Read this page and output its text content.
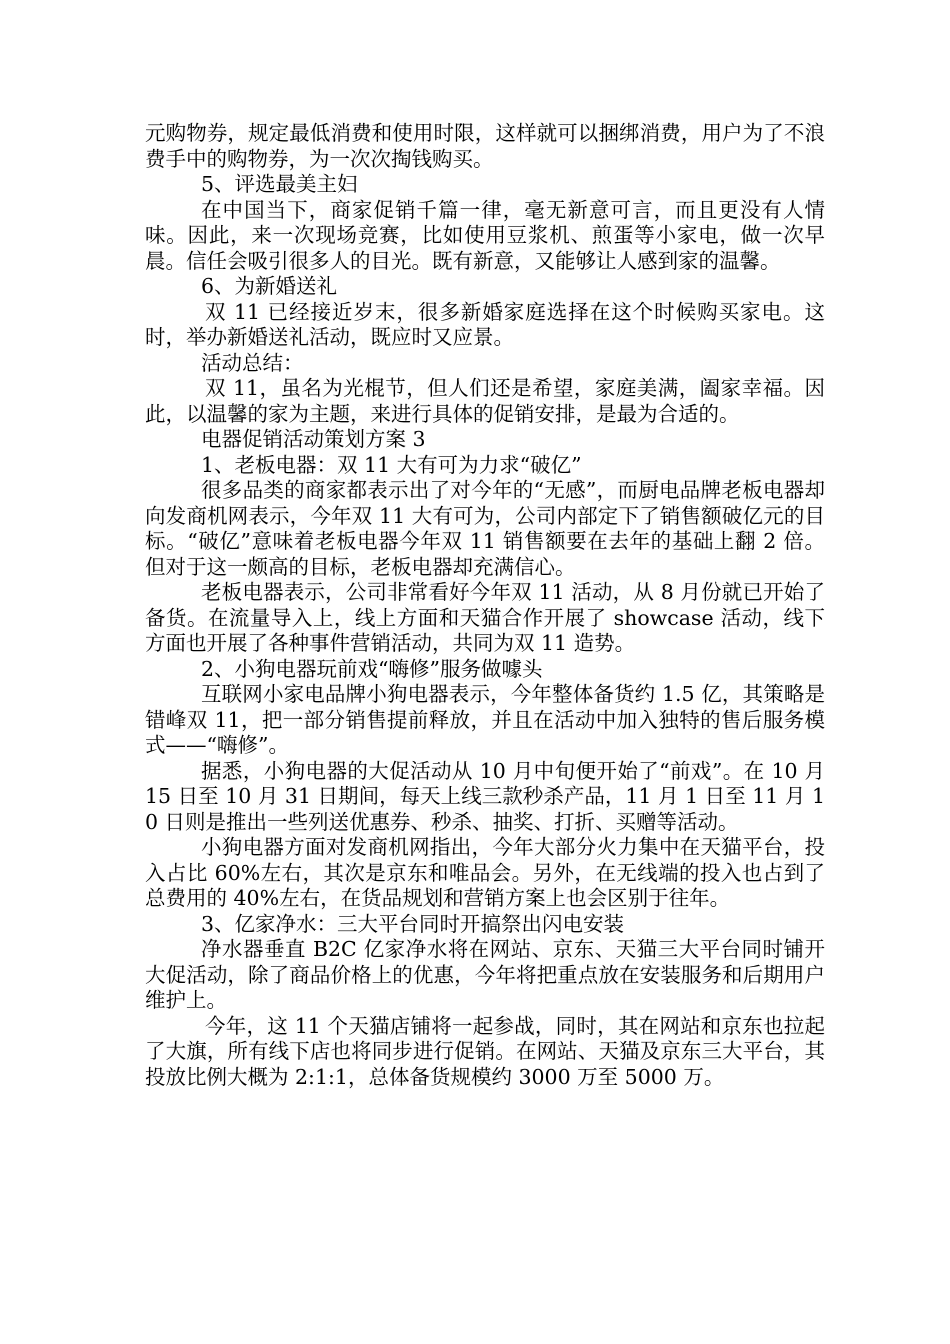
元购物券，规定最低消费和使用时限，这样就可以捆绑消费，用户为了不浪费手中的购物券，为一次次掏钱购买。

5、评选最美主妇

在中国当下，商家促销千篇一律，毫无新意可言，而且更没有人情味。因此，来一次现场竞赛，比如使用豆浆机、煎蛋等小家电，做一次早晨。信任会吸引很多人的目光。既有新意，又能够让人感到家的温馨。

6、为新婚送礼

双 11 已经接近岁末，很多新婚家庭选择在这个时候购买家电。这时，举办新婚送礼活动，既应时又应景。

活动总结：

双 11，虽名为光棍节，但人们还是希望，家庭美满，阖家幸福。因此，以温馨的家为主题，来进行具体的促销安排，是最为合适的。

电器促销活动策划方案 3

1、老板电器：双 11 大有可为力求“破亿”

很多品类的商家都表示出了对今年的“无感”，而厨电品牌老板电器却向发商机网表示，今年双 11 大有可为，公司内部定下了销售额破亿元的目标。“破亿”意味着老板电器今年双 11 销售额要在去年的基础上翻 2 倍。但对于这一颇高的目标，老板电器却充满信心。

老板电器表示，公司非常看好今年双 11 活动，从 8 月份就已开始了备货。在流量导入上，线上方面和天猫合作开展了 showcase 活动，线下方面也开展了各种事件营销活动，共同为双 11 造势。

2、小狗电器玩前戏“嗨修”服务做噱头

互联网小家电品牌小狗电器表示，今年整体备货约 1.5 亿，其策略是错峰双 11，把一部分销售提前释放，并且在活动中加入独特的售后服务模式——“嗨修”。

据悉，小狗电器的大促活动从 10 月中旬便开始了“前戏”。在 10 月 15 日至 10 月 31 日期间，每天上线三款秒杀产品，11 月 1 日至 11 月 10 日则是推出一些列送优惠券、秒杀、抽奖、打折、买赠等活动。

小狗电器方面对发商机网指出，今年大部分火力集中在天猫平台，投入占比 60%左右，其次是京东和唯品会。另外，在无线端的投入也占到了总费用的 40%左右，在货品规划和营销方案上也会区别于往年。

3、亿家净水：三大平台同时开搞祭出闪电安装

净水器垂直 B2C 亿家净水将在网站、京东、天猫三大平台同时铺开大促活动，除了商品价格上的优惠，今年将把重点放在安装服务和后期用户维护上。

今年，这 11 个天猫店铺将一起参战，同时，其在网站和京东也拉起了大旗，所有线下店也将同步进行促销。在网站、天猫及京东三大平台，其投放比例大概为 2:1:1，总体备货规模约 3000 万至 5000 万。
